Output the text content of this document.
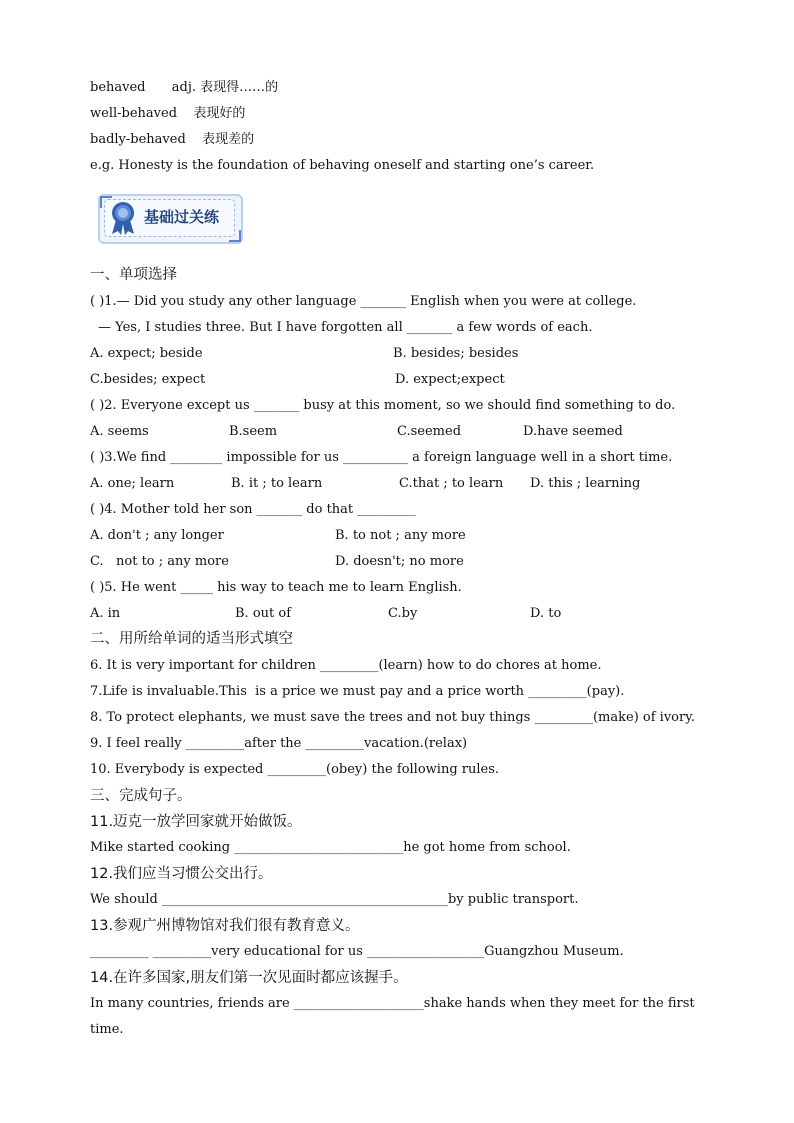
behaved adj. 表现得……的
well-behaved 表现好的
badly-behaved 表现差的
e.g. Honesty is the foundation of behaving oneself and starting one’s career.
基础过关练
一、单项选择
( )1.— Did you study any other language _______ English when you were at college.
— Yes, I studies three. But I have forgotten all _______ a few words of each.
A. expect; beside	B. besides; besides
C.besides; expect	D. expect;expect
( )2. Everyone except us _______ busy at this moment, so we should find something to do.
A. seems	B.seem	C.seemed	D.have seemed
( )3.We find ________ impossible for us __________ a foreign language well in a short time.
A. one; learn	B. it ; to learn	C.that ; to learn D. this ; learning
( )4. Mother told her son _______ do that _________
A. don't ; any longer	B. to not ; any more
C.   not to ; any more	D. doesn't; no more
( )5. He went _____ his way to teach me to learn English.
A. in	B. out of	C.by	D. to
二、用所给单词的适当形式填空
6. It is very important for children _________(learn) how to do chores at home.
7.Life is invaluable.This  is a price we must pay and a price worth _________(pay).
8. To protect elephants, we must save the trees and not buy things _________(make) of ivory.
9. I feel really _________after the _________vacation.(relax)
10. Everybody is expected _________(obey) the following rules.
三、完成句子。
11.迈克一放学回家就开始做饭。
Mike started cooking __________________________he got home from school.
12.我们应当习惯公交出行。
We should ____________________________________________by public transport.
13.参观广州博物馆对我们很有教育意义。
_________ _________very educational for us __________________Guangzhou Museum.
14.在许多国家,朋友们第一次见面时都应该握手。
In many countries, friends are ____________________shake hands when they meet for the first
time.
